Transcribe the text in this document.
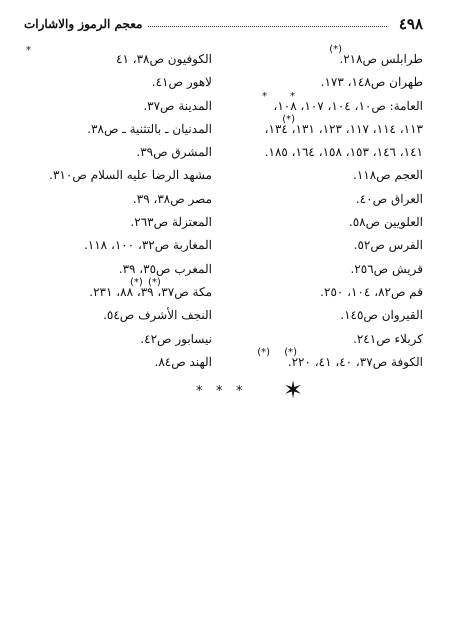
٤٩٨
معجم الرموز والاشارات
(*)
طرابلس ص٢١٨.
طهران ص١٤٨، ١٧٣.
*
*
العامة: ص١٠، ١٠٤، ١٠٧، ١٠٨،
(*)
١١٣، ١١٤، ١١٧، ١٢٣، ١٣١، ١٣٤،
١٤١، ١٤٦، ١٥٣، ١٥٨، ١٦٤، ١٨٥.
العجم ص١١٨.
العراق ص٤٠.
العلويين ص٥٨.
الفرس ص٥٢.
قريش ص٢٥٦.
قم ص٨٢، ١٠٤، ٢٥٠.
القيروان ص١٤٥.
كربلاء ص٢٤١.
(*)
(*)
الكوفة ص٣٧، ٤٠، ٤١، ٢٢٠.
*
الكوفيون ص٣٨، ٤١
لاهور ص٤١.
المدينة ص٣٧.
المدنيان ـ بالتثنية ـ ص٣٨.
المشرق ص٣٩.
مشهد الرضا عليه السلام ص٣١٠.
مصر ص٣٨، ٣٩.
المعتزلة ص٢٦٣.
المغاربة ص٣٢، ١٠٠، ١١٨.
المغرب ص٣٥، ٣٩.
(*) (*)
مكة ص٣٧، ٣٩، ٨٨، ٢٣١.
النجف الأشرف ص٥٤.
نيسابور ص٤٢.
الهند ص٨٤.
* * * ✶
